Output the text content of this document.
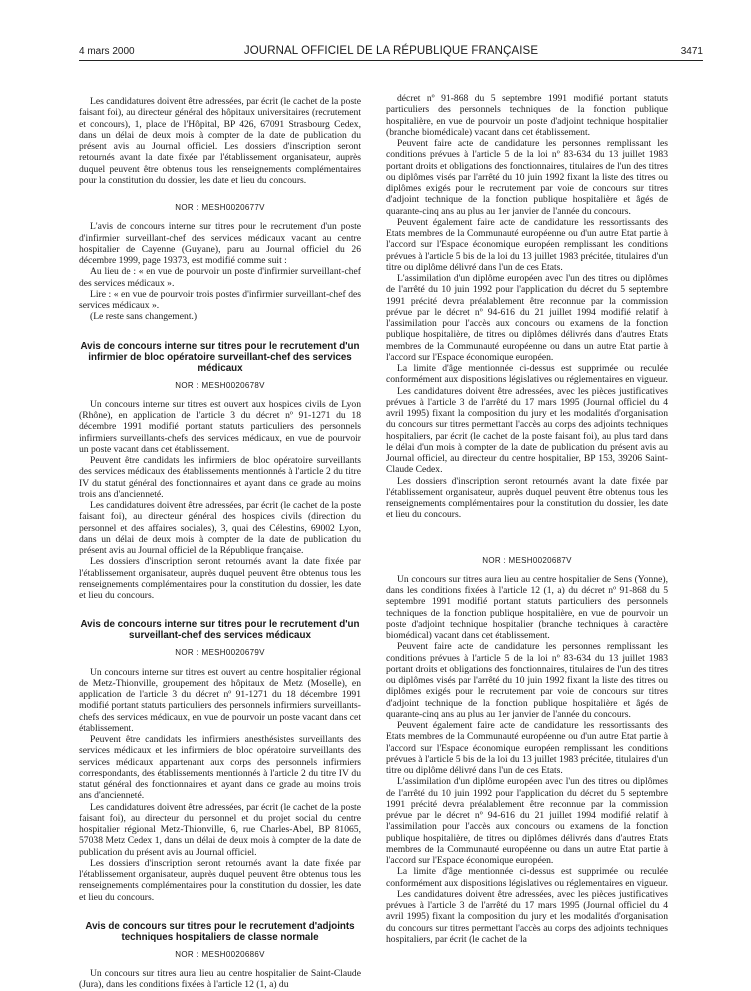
4 mars 2000	JOURNAL OFFICIEL DE LA RÉPUBLIQUE FRANÇAISE	3471

Les candidatures doivent être adressées, par écrit (le cachet de la poste faisant foi), au directeur général des hôpitaux universitaires (recrutement et concours), 1, place de l'Hôpital, BP 426, 67091 Strasbourg Cedex, dans un délai de deux mois à compter de la date de publication du présent avis au Journal officiel. Les dossiers d'inscription seront retournés avant la date fixée par l'établissement organisateur, auprès duquel peuvent être obtenus tous les renseignements complémentaires pour la constitution du dossier, les date et lieu du concours.

NOR : MESH0020677V

L'avis de concours interne sur titres pour le recrutement d'un poste d'infirmier surveillant-chef des services médicaux vacant au centre hospitalier de Cayenne (Guyane), paru au Journal officiel du 26 décembre 1999, page 19373, est modifié comme suit :

Au lieu de : « en vue de pourvoir un poste d'infirmier surveillant-chef des services médicaux ».

Lire : « en vue de pourvoir trois postes d'infirmier surveillant-chef des services médicaux ».

(Le reste sans changement.)

Avis de concours interne sur titres pour le recrutement d'un infirmier de bloc opératoire surveillant-chef des services médicaux
NOR : MESH0020678V

Un concours interne sur titres est ouvert aux hospices civils de Lyon (Rhône), en application de l'article 3 du décret nº 91-1271 du 18 décembre 1991 modifié portant statuts particuliers des personnels infirmiers surveillants-chefs des services médicaux, en vue de pourvoir un poste vacant dans cet établissement.

Peuvent être candidats les infirmiers de bloc opératoire surveillants des services médicaux des établissements mentionnés à l'article 2 du titre IV du statut général des fonctionnaires et ayant dans ce grade au moins trois ans d'ancienneté.

Les candidatures doivent être adressées, par écrit (le cachet de la poste faisant foi), au directeur général des hospices civils (direction du personnel et des affaires sociales), 3, quai des Célestins, 69002 Lyon, dans un délai de deux mois à compter de la date de publication du présent avis au Journal officiel de la République française.

Les dossiers d'inscription seront retournés avant la date fixée par l'établissement organisateur, auprès duquel peuvent être obtenus tous les renseignements complémentaires pour la constitution du dossier, les date et lieu du concours.

Avis de concours interne sur titres pour le recrutement d'un surveillant-chef des services médicaux
NOR : MESH0020679V

Un concours interne sur titres est ouvert au centre hospitalier régional de Metz-Thionville, groupement des hôpitaux de Metz (Moselle), en application de l'article 3 du décret nº 91-1271 du 18 décembre 1991 modifié portant statuts particuliers des personnels infirmiers surveillants-chefs des services médicaux, en vue de pourvoir un poste vacant dans cet établissement.

Peuvent être candidats les infirmiers anesthésistes surveillants des services médicaux et les infirmiers de bloc opératoire surveillants des services médicaux appartenant aux corps des personnels infirmiers correspondants, des établissements mentionnés à l'article 2 du titre IV du statut général des fonctionnaires et ayant dans ce grade au moins trois ans d'ancienneté.

Les candidatures doivent être adressées, par écrit (le cachet de la poste faisant foi), au directeur du personnel et du projet social du centre hospitalier régional Metz-Thionville, 6, rue Charles-Abel, BP 81065, 57038 Metz Cedex 1, dans un délai de deux mois à compter de la date de publication du présent avis au Journal officiel.

Les dossiers d'inscription seront retournés avant la date fixée par l'établissement organisateur, auprès duquel peuvent être obtenus tous les renseignements complémentaires pour la constitution du dossier, les date et lieu du concours.

Avis de concours sur titres pour le recrutement d'adjoints techniques hospitaliers de classe normale
NOR : MESH0020686V

Un concours sur titres aura lieu au centre hospitalier de Saint-Claude (Jura), dans les conditions fixées à l'article 12 (1, a) du

décret nº 91-868 du 5 septembre 1991 modifié portant statuts particuliers des personnels techniques de la fonction publique hospitalière, en vue de pourvoir un poste d'adjoint technique hospitalier (branche biomédicale) vacant dans cet établissement.

Peuvent faire acte de candidature les personnes remplissant les conditions prévues à l'article 5 de la loi nº 83-634 du 13 juillet 1983 portant droits et obligations des fonctionnaires, titulaires de l'un des titres ou diplômes visés par l'arrêté du 10 juin 1992 fixant la liste des titres ou diplômes exigés pour le recrutement par voie de concours sur titres d'adjoint technique de la fonction publique hospitalière et âgés de quarante-cinq ans au plus au 1er janvier de l'année du concours.

Peuvent également faire acte de candidature les ressortissants des Etats membres de la Communauté européenne ou d'un autre Etat partie à l'accord sur l'Espace économique européen remplissant les conditions prévues à l'article 5 bis de la loi du 13 juillet 1983 précitée, titulaires d'un titre ou diplôme délivré dans l'un de ces Etats.

L'assimilation d'un diplôme européen avec l'un des titres ou diplômes de l'arrêté du 10 juin 1992 pour l'application du décret du 5 septembre 1991 précité devra préalablement être reconnue par la commission prévue par le décret nº 94-616 du 21 juillet 1994 modifié relatif à l'assimilation pour l'accès aux concours ou examens de la fonction publique hospitalière, de titres ou diplômes délivrés dans d'autres Etats membres de la Communauté européenne ou dans un autre Etat partie à l'accord sur l'Espace économique européen.

La limite d'âge mentionnée ci-dessus est supprimée ou reculée conformément aux dispositions législatives ou réglementaires en vigueur.

Les candidatures doivent être adressées, avec les pièces justificatives prévues à l'article 3 de l'arrêté du 17 mars 1995 (Journal officiel du 4 avril 1995) fixant la composition du jury et les modalités d'organisation du concours sur titres permettant l'accès au corps des adjoints techniques hospitaliers, par écrit (le cachet de la poste faisant foi), au plus tard dans le délai d'un mois à compter de la date de publication du présent avis au Journal officiel, au directeur du centre hospitalier, BP 153, 39206 Saint-Claude Cedex.

Les dossiers d'inscription seront retournés avant la date fixée par l'établissement organisateur, auprès duquel peuvent être obtenus tous les renseignements complémentaires pour la constitution du dossier, les date et lieu du concours.

NOR : MESH0020687V

Un concours sur titres aura lieu au centre hospitalier de Sens (Yonne), dans les conditions fixées à l'article 12 (1, a) du décret nº 91-868 du 5 septembre 1991 modifié portant statuts particuliers des personnels techniques de la fonction publique hospitalière, en vue de pourvoir un poste d'adjoint technique hospitalier (branche techniques à caractère biomédical) vacant dans cet établissement.

Peuvent faire acte de candidature les personnes remplissant les conditions prévues à l'article 5 de la loi nº 83-634 du 13 juillet 1983 portant droits et obligations des fonctionnaires, titulaires de l'un des titres ou diplômes visés par l'arrêté du 10 juin 1992 fixant la liste des titres ou diplômes exigés pour le recrutement par voie de concours sur titres d'adjoint technique de la fonction publique hospitalière et âgés de quarante-cinq ans au plus au 1er janvier de l'année du concours.

Peuvent également faire acte de candidature les ressortissants des Etats membres de la Communauté européenne ou d'un autre Etat partie à l'accord sur l'Espace économique européen remplissant les conditions prévues à l'article 5 bis de la loi du 13 juillet 1983 précitée, titulaires d'un titre ou diplôme délivré dans l'un de ces Etats.

L'assimilation d'un diplôme européen avec l'un des titres ou diplômes de l'arrêté du 10 juin 1992 pour l'application du décret du 5 septembre 1991 précité devra préalablement être reconnue par la commission prévue par le décret nº 94-616 du 21 juillet 1994 modifié relatif à l'assimilation pour l'accès aux concours ou examens de la fonction publique hospitalière, de titres ou diplômes délivrés dans d'autres Etats membres de la Communauté européenne ou dans un autre Etat partie à l'accord sur l'Espace économique européen.

La limite d'âge mentionnée ci-dessus est supprimée ou reculée conformément aux dispositions législatives ou réglementaires en vigueur.

Les candidatures doivent être adressées, avec les pièces justificatives prévues à l'article 3 de l'arrêté du 17 mars 1995 (Journal officiel du 4 avril 1995) fixant la composition du jury et les modalités d'organisation du concours sur titres permettant l'accès au corps des adjoints techniques hospitaliers, par écrit (le cachet de la
